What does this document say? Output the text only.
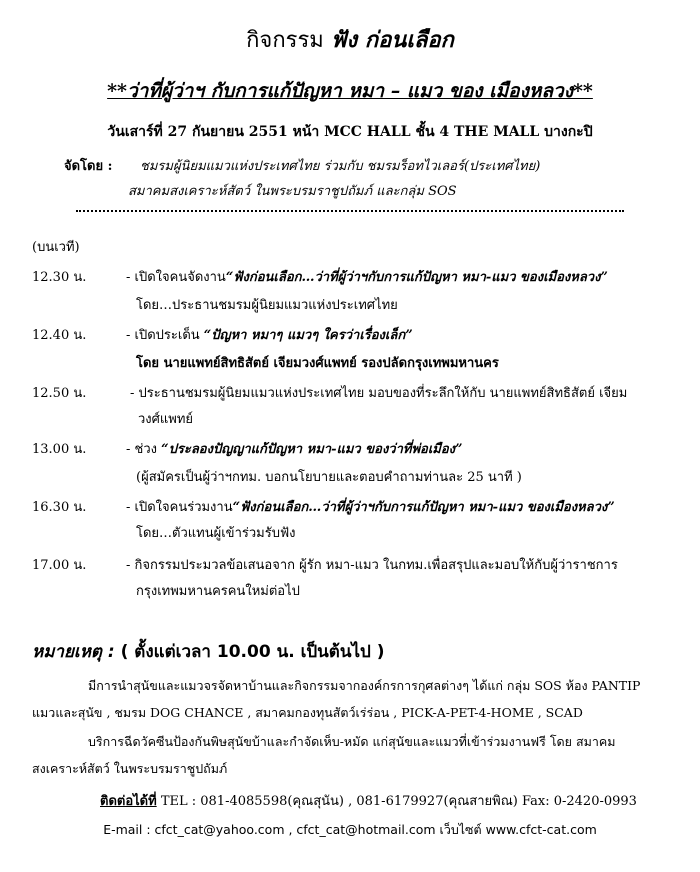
กิจกรรม ฟัง ก่อนเลือก
**ว่าที่ผู้ว่าฯ กับการแก้ปัญหา หมา – แมว ของ เมืองหลวง**
วันเสาร์ที่ 27 กันยายน 2551 หน้า MCC HALL ชั้น 4 THE MALL บางกะปิ
จัดโดย : ชมรมผู้นิยมแมวแห่งประเทศไทย ร่วมกับ ชมรมร็อทไวเลอร์(ประเทศไทย)
สมาคมสงเคราะห์สัตว์ ในพระบรมราชูปถัมภ์ และกลุ่ม SOS
(บนเวที)
12.30 น.	- เปิดใจคนจัดงาน“ฟังก่อนเลือก…ว่าที่ผู้ว่าฯกับการแก้ปัญหา หมา-แมว ของเมืองหลวง”
โดย…ประธานชมรมผู้นิยมแมวแห่งประเทศไทย
12.40 น.	- เปิดประเด็น “ปัญหา หมาๆ แมวๆ ใครว่าเรื่องเล็ก”
โดย นายแพทย์สิทธิสัตย์ เจียมวงศ์แพทย์ รองปลัดกรุงเทพมหานคร
12.50 น.	- ประธานชมรมผู้นิยมแมวแห่งประเทศไทย มอบของที่ระลึกให้กับ นายแพทย์สิทธิสัตย์ เจียม
วงศ์แพทย์
13.00 น.	- ช่วง “ประลองปัญญาแก้ปัญหา หมา-แมว ของว่าที่พ่อเมือง”
(ผู้สมัครเป็นผู้ว่าฯกทม. บอกนโยบายและตอบคำถามท่านละ 25 นาที )
16.30 น.	- เปิดใจคนร่วมงาน“ฟังก่อนเลือก…ว่าที่ผู้ว่าฯกับการแก้ปัญหา หมา-แมว ของเมืองหลวง”
โดย…ตัวแทนผู้เข้าร่วมรับฟัง
17.00 น.	- กิจกรรมประมวลข้อเสนอจาก ผู้รัก หมา-แมว ในกทม.เพื่อสรุปและมอบให้กับผู้ว่าราชการ
กรุงเทพมหานครคนใหม่ต่อไป
หมายเหตุ : ( ตั้งแต่เวลา 10.00 น. เป็นต้นไป )
มีการนำสุนัขและแมวจรจัดหาบ้านและกิจกรรมจากองค์กรการกุศลต่างๆ ได้แก่ กลุ่ม SOS ห้อง PANTIP
แมวและสุนัข , ชมรม DOG CHANCE , สมาคมกองทุนสัตว์เร่ร่อน , PICK-A-PET-4-HOME , SCAD
บริการฉีดวัคซีนป้องกันพิษสุนัขบ้าและกำจัดเห็บ-หมัด แก่สุนัขและแมวที่เข้าร่วมงานฟรี โดย สมาคม
สงเคราะห์สัตว์ ในพระบรมราชูปถัมภ์
ติดต่อได้ที่ TEL : 081-4085598(คุณสุนัน) , 081-6179927(คุณสายพิณ) Fax: 0-2420-0993
E-mail : cfct_cat@yahoo.com , cfct_cat@hotmail.com เว็บไซต์ www.cfct-cat.com
